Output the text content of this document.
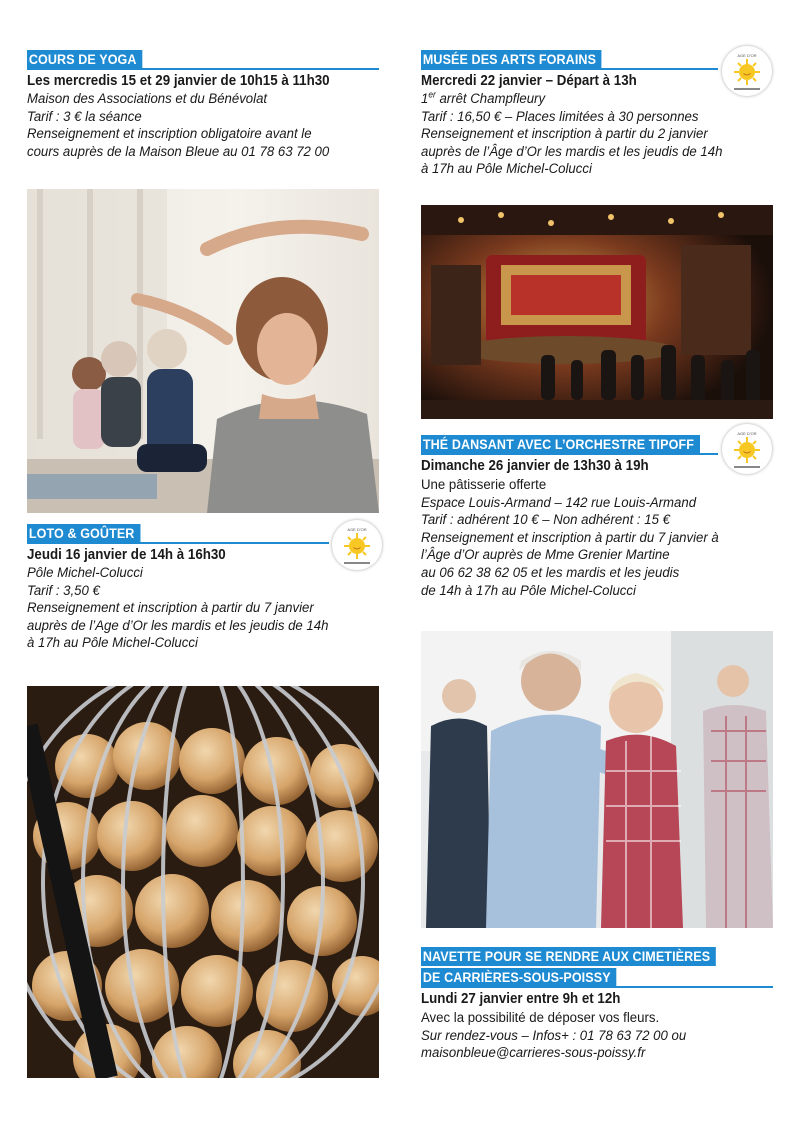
COURS DE YOGA
Les mercredis 15 et 29 janvier de 10h15 à 11h30
Maison des Associations et du Bénévolat
Tarif : 3 € la séance
Renseignement et inscription obligatoire avant le
cours auprès de la Maison Bleue au 01 78 63 72 00
LOTO & GOÛTER
Jeudi 16 janvier de 14h à 16h30
Pôle Michel-Colucci
Tarif : 3,50 €
Renseignement et inscription à partir du 7 janvier
auprès de l’Age d’Or les mardis et les jeudis de 14h
à 17h au Pôle Michel-Colucci
AGE D'OR
MUSÉE DES ARTS FORAINS
Mercredi 22 janvier – Départ à 13h
1er arrêt Champfleury
Tarif : 16,50 € – Places limitées à 30 personnes
Renseignement et inscription à partir du 2 janvier
auprès de l’Âge d’Or les mardis et les jeudis de 14h
à 17h au Pôle Michel-Colucci
AGE D'OR
THÉ DANSANT AVEC L’ORCHESTRE TIPOFF
Dimanche 26 janvier de 13h30 à 19h
Une pâtisserie offerte
Espace Louis-Armand – 142 rue Louis-Armand
Tarif : adhérent 10 € – Non adhérent : 15 €
Renseignement et inscription à partir du 7 janvier à
l’Âge d’Or auprès de Mme Grenier Martine
au 06 62 38 62 05 et les mardis et les jeudis
de 14h à 17h au Pôle Michel-Colucci
AGE D'OR
NAVETTE POUR SE RENDRE AUX CIMETIÈRES
DE CARRIÈRES-SOUS-POISSY
Lundi 27 janvier entre 9h et 12h
Avec la possibilité de déposer vos fleurs.
Sur rendez-vous – Infos+ : 01 78 63 72 00 ou
maisonbleue@carrieres-sous-poissy.fr
